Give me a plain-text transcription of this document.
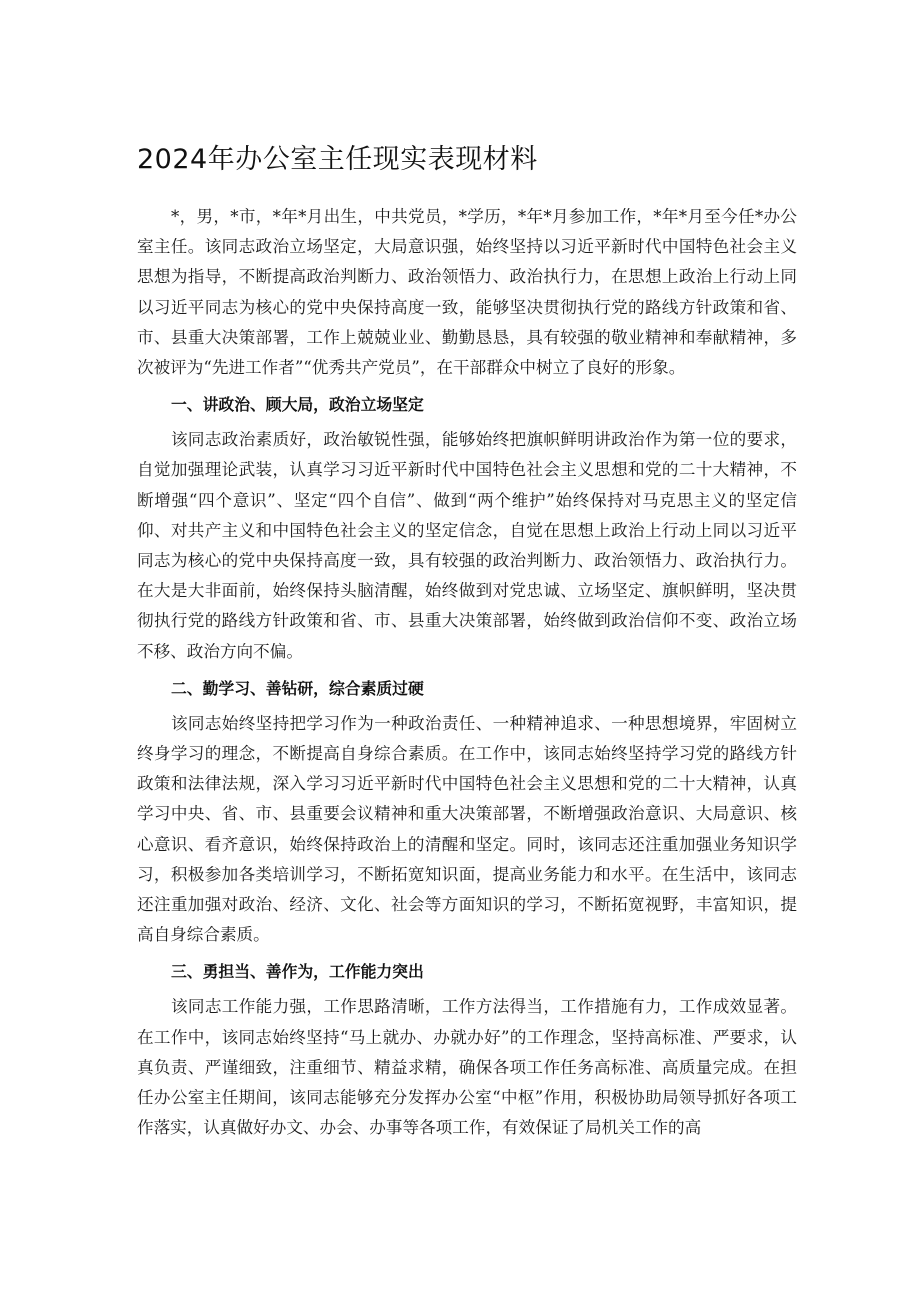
2024年办公室主任现实表现材料

*，男，*市，*年*月出生，中共党员，*学历，*年*月参加工作，*年*月至今任*办公室主任。该同志政治立场坚定，大局意识强，始终坚持以习近平新时代中国特色社会主义思想为指导，不断提高政治判断力、政治领悟力、政治执行力，在思想上政治上行动上同以习近平同志为核心的党中央保持高度一致，能够坚决贯彻执行党的路线方针政策和省、市、县重大决策部署，工作上兢兢业业、勤勤恳恳，具有较强的敬业精神和奉献精神，多次被评为“先进工作者”“优秀共产党员”，在干部群众中树立了良好的形象。

一、讲政治、顾大局，政治立场坚定

该同志政治素质好，政治敏锐性强，能够始终把旗帜鲜明讲政治作为第一位的要求，自觉加强理论武装，认真学习习近平新时代中国特色社会主义思想和党的二十大精神，不断增强“四个意识”、坚定“四个自信”、做到“两个维护”始终保持对马克思主义的坚定信仰、对共产主义和中国特色社会主义的坚定信念，自觉在思想上政治上行动上同以习近平同志为核心的党中央保持高度一致，具有较强的政治判断力、政治领悟力、政治执行力。在大是大非面前，始终保持头脑清醒，始终做到对党忠诚、立场坚定、旗帜鲜明，坚决贯彻执行党的路线方针政策和省、市、县重大决策部署，始终做到政治信仰不变、政治立场不移、政治方向不偏。

二、勤学习、善钻研，综合素质过硬

该同志始终坚持把学习作为一种政治责任、一种精神追求、一种思想境界，牢固树立终身学习的理念，不断提高自身综合素质。在工作中，该同志始终坚持学习党的路线方针政策和法律法规，深入学习习近平新时代中国特色社会主义思想和党的二十大精神，认真学习中央、省、市、县重要会议精神和重大决策部署，不断增强政治意识、大局意识、核心意识、看齐意识，始终保持政治上的清醒和坚定。同时，该同志还注重加强业务知识学习，积极参加各类培训学习，不断拓宽知识面，提高业务能力和水平。在生活中，该同志还注重加强对政治、经济、文化、社会等方面知识的学习，不断拓宽视野，丰富知识，提高自身综合素质。

三、勇担当、善作为，工作能力突出

该同志工作能力强，工作思路清晰，工作方法得当，工作措施有力，工作成效显著。在工作中，该同志始终坚持“马上就办、办就办好”的工作理念，坚持高标准、严要求，认真负责、严谨细致，注重细节、精益求精，确保各项工作任务高标准、高质量完成。在担任办公室主任期间，该同志能够充分发挥办公室“中枢”作用，积极协助局领导抓好各项工作落实，认真做好办文、办会、办事等各项工作，有效保证了局机关工作的高
